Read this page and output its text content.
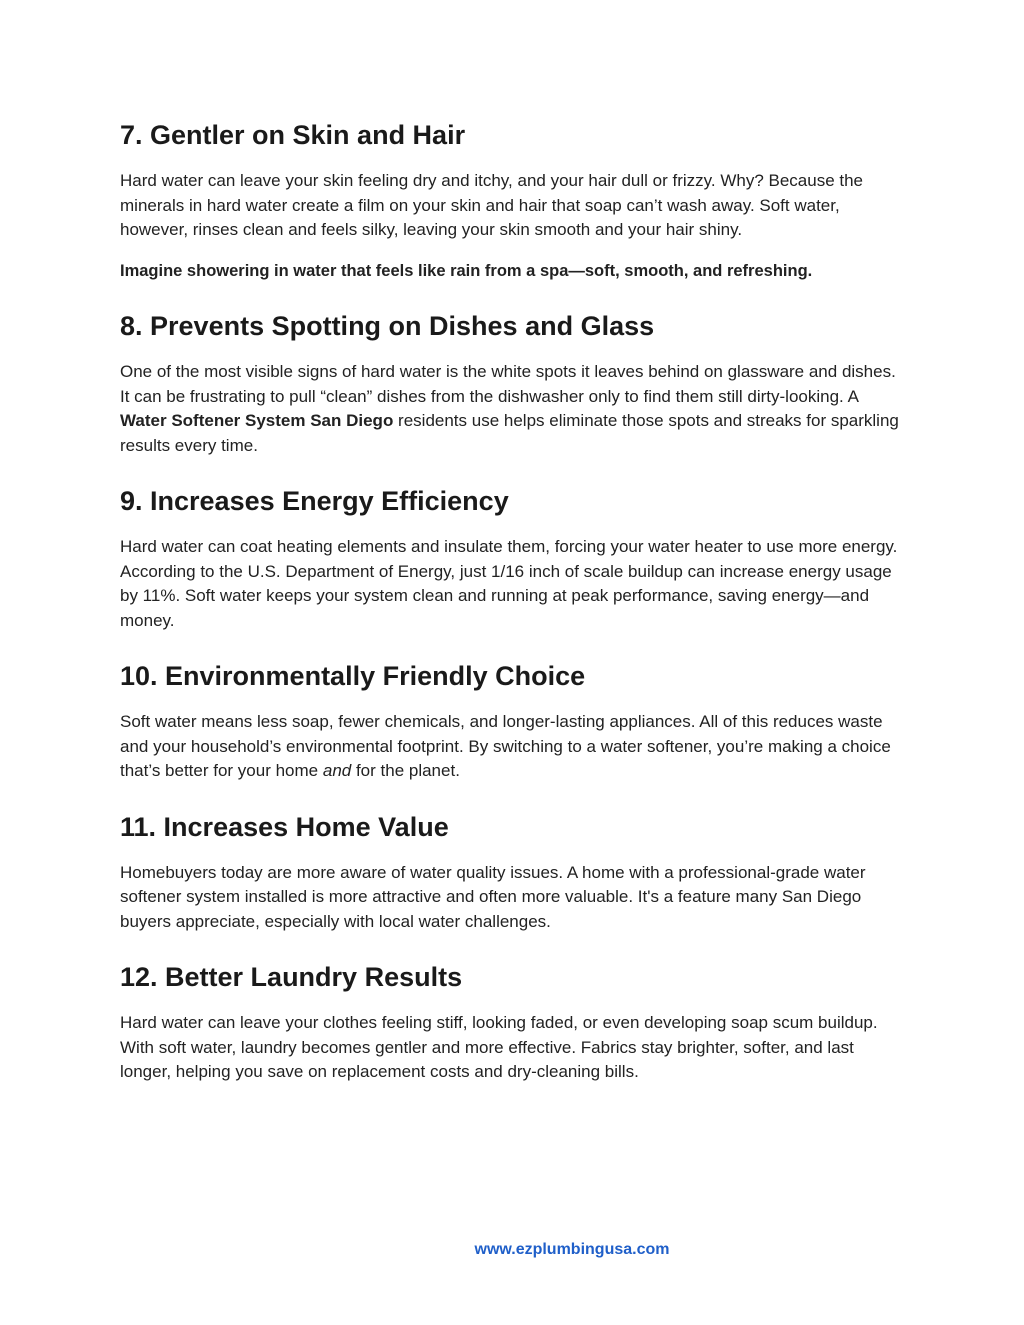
7. Gentler on Skin and Hair

Hard water can leave your skin feeling dry and itchy, and your hair dull or frizzy. Why? Because the minerals in hard water create a film on your skin and hair that soap can’t wash away. Soft water, however, rinses clean and feels silky, leaving your skin smooth and your hair shiny.

Imagine showering in water that feels like rain from a spa—soft, smooth, and refreshing.

8. Prevents Spotting on Dishes and Glass

One of the most visible signs of hard water is the white spots it leaves behind on glassware and dishes. It can be frustrating to pull “clean” dishes from the dishwasher only to find them still dirty-looking. A Water Softener System San Diego residents use helps eliminate those spots and streaks for sparkling results every time.

9. Increases Energy Efficiency

Hard water can coat heating elements and insulate them, forcing your water heater to use more energy. According to the U.S. Department of Energy, just 1/16 inch of scale buildup can increase energy usage by 11%. Soft water keeps your system clean and running at peak performance, saving energy—and money.

10. Environmentally Friendly Choice

Soft water means less soap, fewer chemicals, and longer-lasting appliances. All of this reduces waste and your household’s environmental footprint. By switching to a water softener, you’re making a choice that’s better for your home and for the planet.

11. Increases Home Value

Homebuyers today are more aware of water quality issues. A home with a professional-grade water softener system installed is more attractive and often more valuable. It's a feature many San Diego buyers appreciate, especially with local water challenges.

12. Better Laundry Results

Hard water can leave your clothes feeling stiff, looking faded, or even developing soap scum buildup. With soft water, laundry becomes gentler and more effective. Fabrics stay brighter, softer, and last longer, helping you save on replacement costs and dry-cleaning bills.

www.ezplumbingusa.com
